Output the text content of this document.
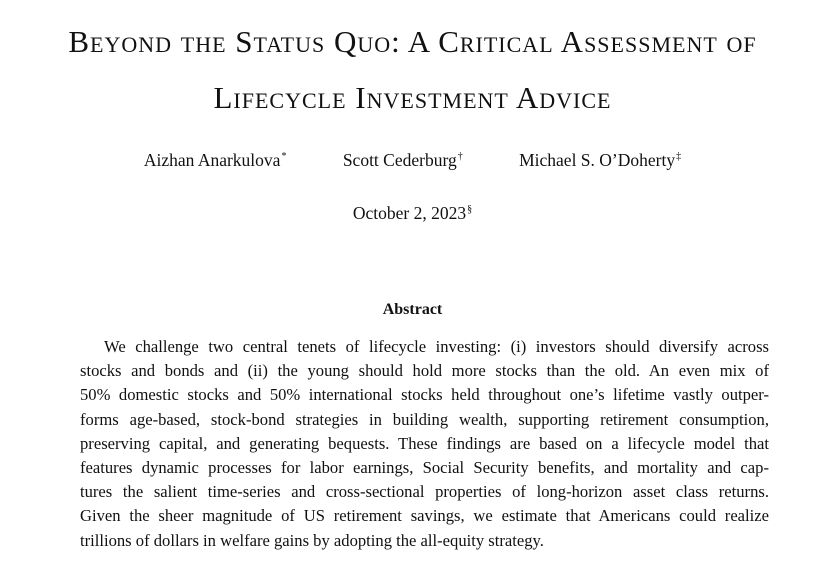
Beyond the Status Quo: A Critical Assessment of
Lifecycle Investment Advice
Aizhan Anarkulova*	Scott Cederburg†	Michael S. O’Doherty‡
October 2, 2023§
Abstract
We challenge two central tenets of lifecycle investing: (i) investors should diversify across
stocks and bonds and (ii) the young should hold more stocks than the old. An even mix of
50% domestic stocks and 50% international stocks held throughout one’s lifetime vastly outper-
forms age-based, stock-bond strategies in building wealth, supporting retirement consumption,
preserving capital, and generating bequests. These findings are based on a lifecycle model that
features dynamic processes for labor earnings, Social Security benefits, and mortality and cap-
tures the salient time-series and cross-sectional properties of long-horizon asset class returns.
Given the sheer magnitude of US retirement savings, we estimate that Americans could realize
trillions of dollars in welfare gains by adopting the all-equity strategy.
